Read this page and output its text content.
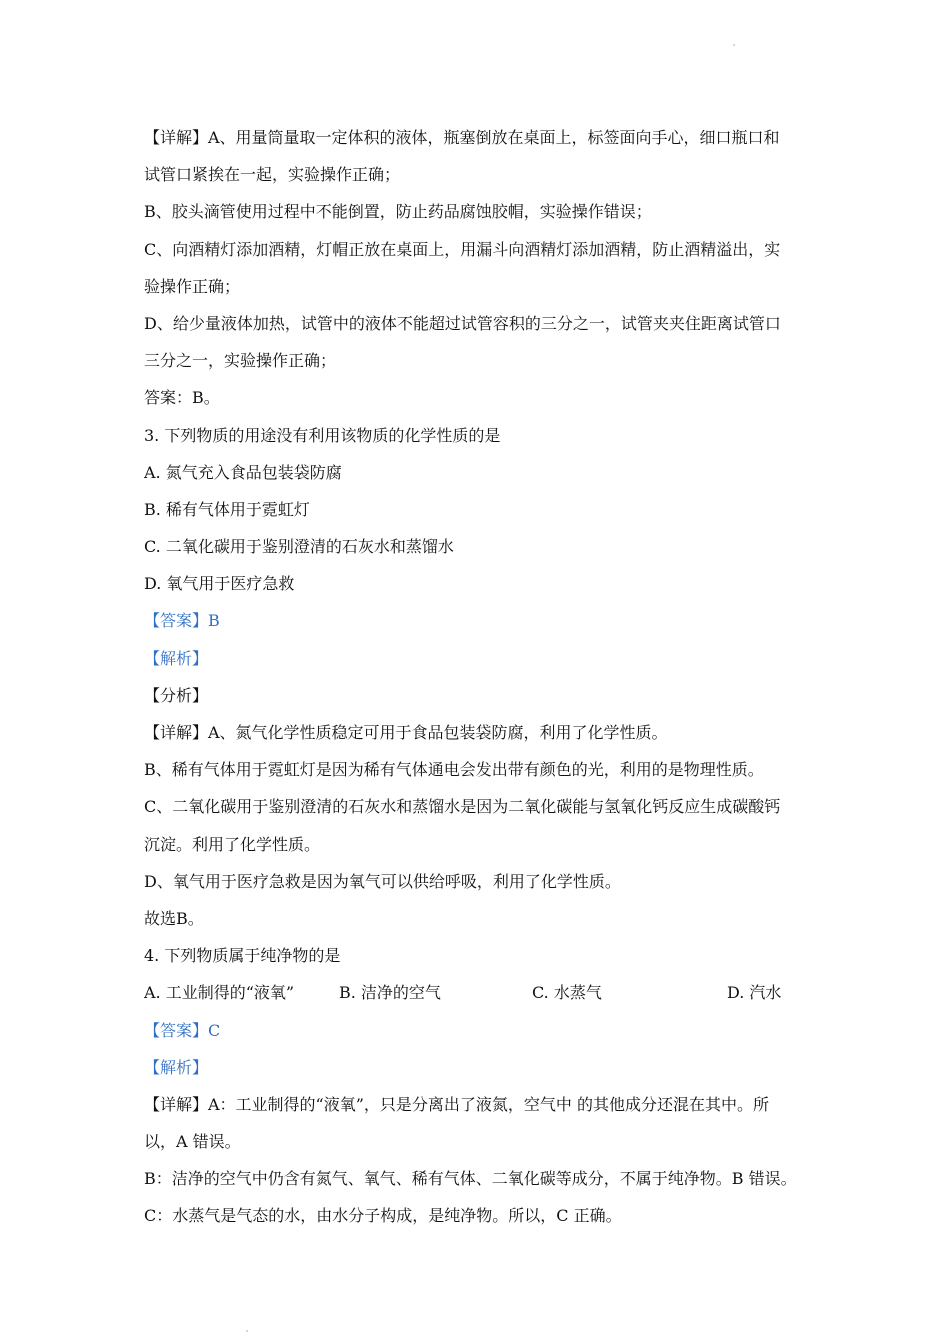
【详解】A、用量筒量取一定体积的液体，瓶塞倒放在桌面上，标签面向手心，细口瓶口和
试管口紧挨在一起，实验操作正确；
B、胶头滴管使用过程中不能倒置，防止药品腐蚀胶帽，实验操作错误；
C、向酒精灯添加酒精，灯帽正放在桌面上，用漏斗向酒精灯添加酒精，防止酒精溢出，实
验操作正确；
D、给少量液体加热，试管中的液体不能超过试管容积的三分之一，试管夹夹住距离试管口
三分之一，实验操作正确；
答案：B。
3. 下列物质的用途没有利用该物质的化学性质的是
A. 氮气充入食品包装袋防腐
B. 稀有气体用于霓虹灯
C. 二氧化碳用于鉴别澄清的石灰水和蒸馏水
D. 氧气用于医疗急救
【答案】B
【解析】
【分析】
【详解】A、氮气化学性质稳定可用于食品包装袋防腐，利用了化学性质。
B、稀有气体用于霓虹灯是因为稀有气体通电会发出带有颜色的光，利用的是物理性质。
C、二氧化碳用于鉴别澄清的石灰水和蒸馏水是因为二氧化碳能与氢氧化钙反应生成碳酸钙
沉淀。利用了化学性质。
D、氧气用于医疗急救是因为氧气可以供给呼吸，利用了化学性质。
故选B。
4. 下列物质属于纯净物的是
A. 工业制得的“液氧”	B. 洁净的空气	C. 水蒸气	D. 汽水
【答案】C
【解析】
【详解】A：工业制得的“液氧”，只是分离出了液氮，空气中 的其他成分还混在其中。所
以，A 错误。
B：洁净的空气中仍含有氮气、氧气、稀有气体、二氧化碳等成分，不属于纯净物。B 错误。
C：水蒸气是气态的水，由水分子构成，是纯净物。所以，C 正确。
